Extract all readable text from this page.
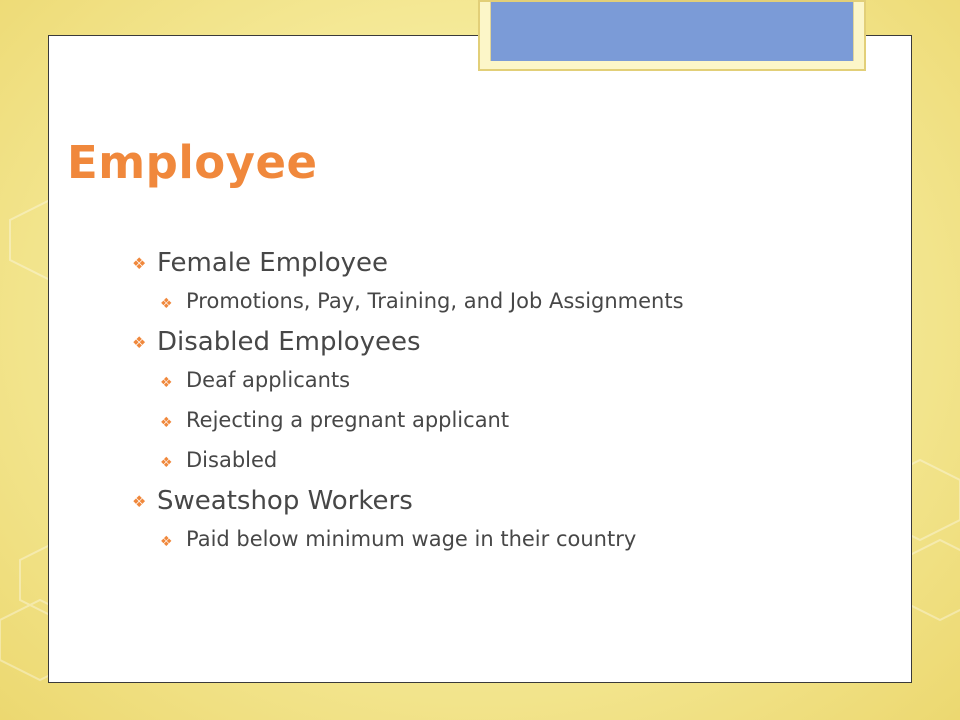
Employee
❖ Female Employee
❖ Promotions, Pay, Training, and Job Assignments
❖ Disabled Employees
❖ Deaf applicants
❖ Rejecting a pregnant applicant
❖ Disabled
❖ Sweatshop Workers
❖ Paid below minimum wage in their country
